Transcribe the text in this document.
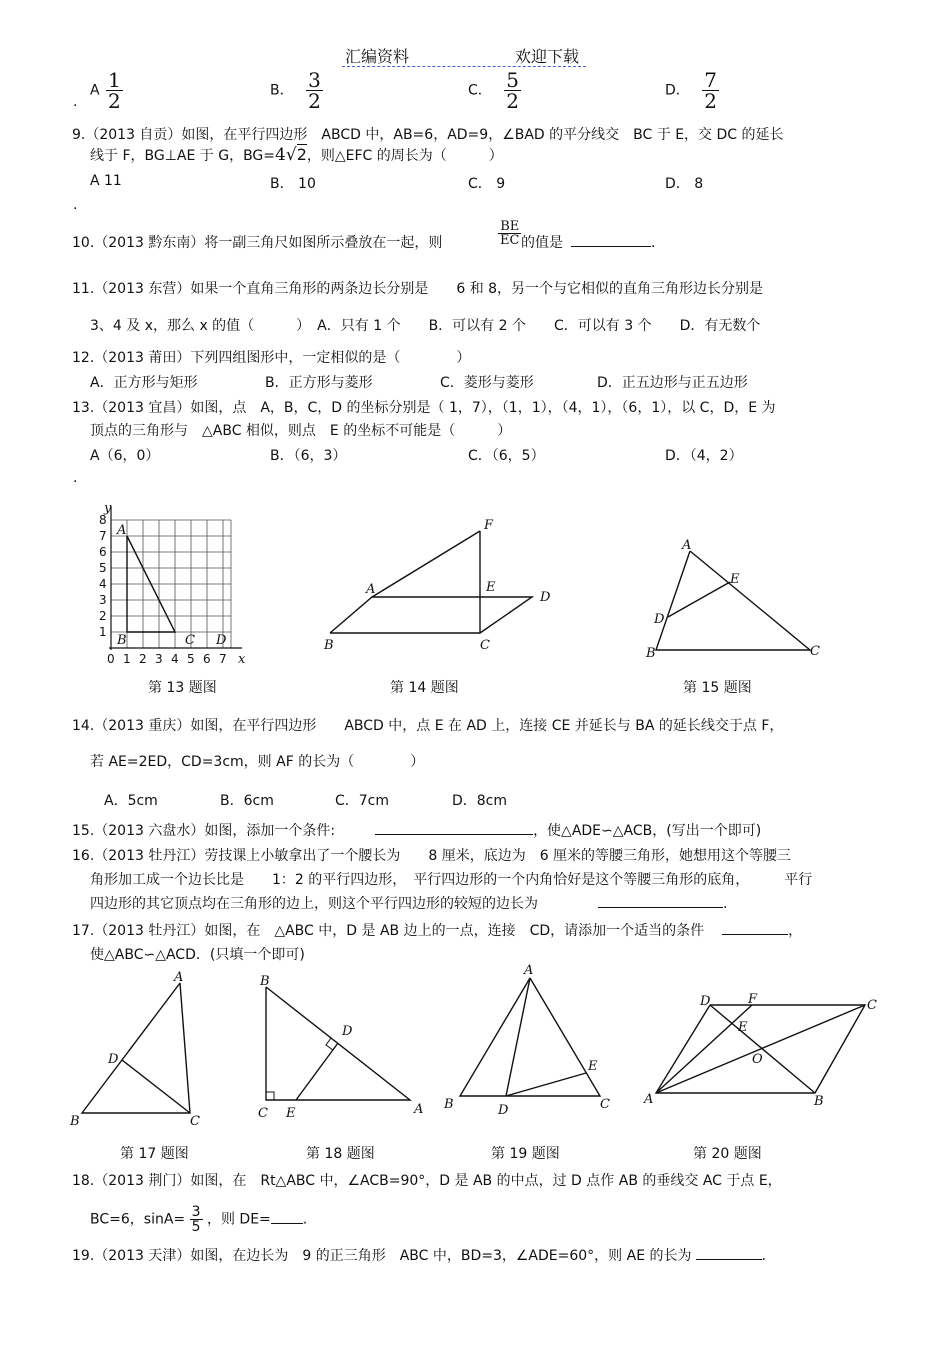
汇编资料	欢迎下载
A $\frac{1}{2}$
.
B． $\frac{3}{2}$	C． $\frac{5}{2}$	D． $\frac{7}{2}$
9.（2013 自贡）如图，在平行四边形　ABCD 中，AB=6，AD=9，∠BAD 的平分线交　BC 于 E，交 DC 的延长
线于 F，BG⊥AE 于 G，BG=4√2，则△EFC 的周长为（　　　）
A 11
.
B． 10	C． 9	D． 8
10.（2013 黔东南）将一副三角尺如图所示叠放在一起，则	$\frac{BE}{EC}$ 的值是	.
11.（2013 东营）如果一个直角三角形的两条边长分别是　　6 和 8，另一个与它相似的直角三角形边长分别是
3、4 及 x，那么 x 的值（　　　）　A．只有 1 个　　B．可以有 2 个　　C．可以有 3 个　　D．有无数个
12.（2013 莆田）下列四组图形中，一定相似的是（　　　　）
A．正方形与矩形	B．正方形与菱形	C．菱形与菱形	D．正五边形与正五边形
13.（2013 宜昌）如图，点　A，B，C，D 的坐标分别是（ 1，7），（1，1），（4，1），（6，1），以 C，D，E 为
顶点的三角形与　△ABC 相似，则点　E 的坐标不可能是（　　　）
A（6，0）
.
B．（6，3）	C．（6，5）	D．（4，2）
y
x
1
2
3
4
5
6
7
8
0 1 2 3 4 5 6 7
A
B	C D
第 13 题图
A
B	C
D
E
F
第 14 题图
A
B	C
D
E
第 15 题图
14.（2013 重庆）如图，在平行四边形　　ABCD 中，点 E 在 AD 上，连接 CE 并延长与 BA 的延长线交于点 F，
若 AE=2ED，CD=3cm，则 AF 的长为（　　　　）
A．5cm	B．6cm	C．7cm	D．8cm
15.（2013 六盘水）如图，添加一个条件:	，使△ADE∽△ACB，(写出一个即可)
16.（2013 牡丹江）劳技课上小敏拿出了一个腰长为　　8 厘米，底边为　6 厘米的等腰三角形，她想用这个等腰三
角形加工成一个边长比是　　1：2 的平行四边形，　平行四边形的一个内角恰好是这个等腰三角形的底角，　　　平行
四边形的其它顶点均在三角形的边上，则这个平行四边形的较短的边长为	.
17.（2013 牡丹江）如图，在　△ABC 中，D 是 AB 边上的一点，连接　CD，请添加一个适当的条件	，
使△ABC∽△ACD．(只填一个即可)
A
B	C
D
第 17 题图
A
B
C
D
E
第 18 题图
A
B	C
D
E
第 19 题图
D	F	C
E
O
A	B
第 20 题图
18.（2013 荆门）如图，在　Rt△ABC 中，∠ACB=90°，D 是 AB 的中点，过 D 点作 AB 的垂线交 AC 于点 E，
BC=6，$\sin A= \frac{3}{5}$ ，则 DE= .
19.（2013 天津）如图，在边长为　9 的正三角形　ABC 中，BD=3，∠ADE=60°，则 AE 的长为	.
